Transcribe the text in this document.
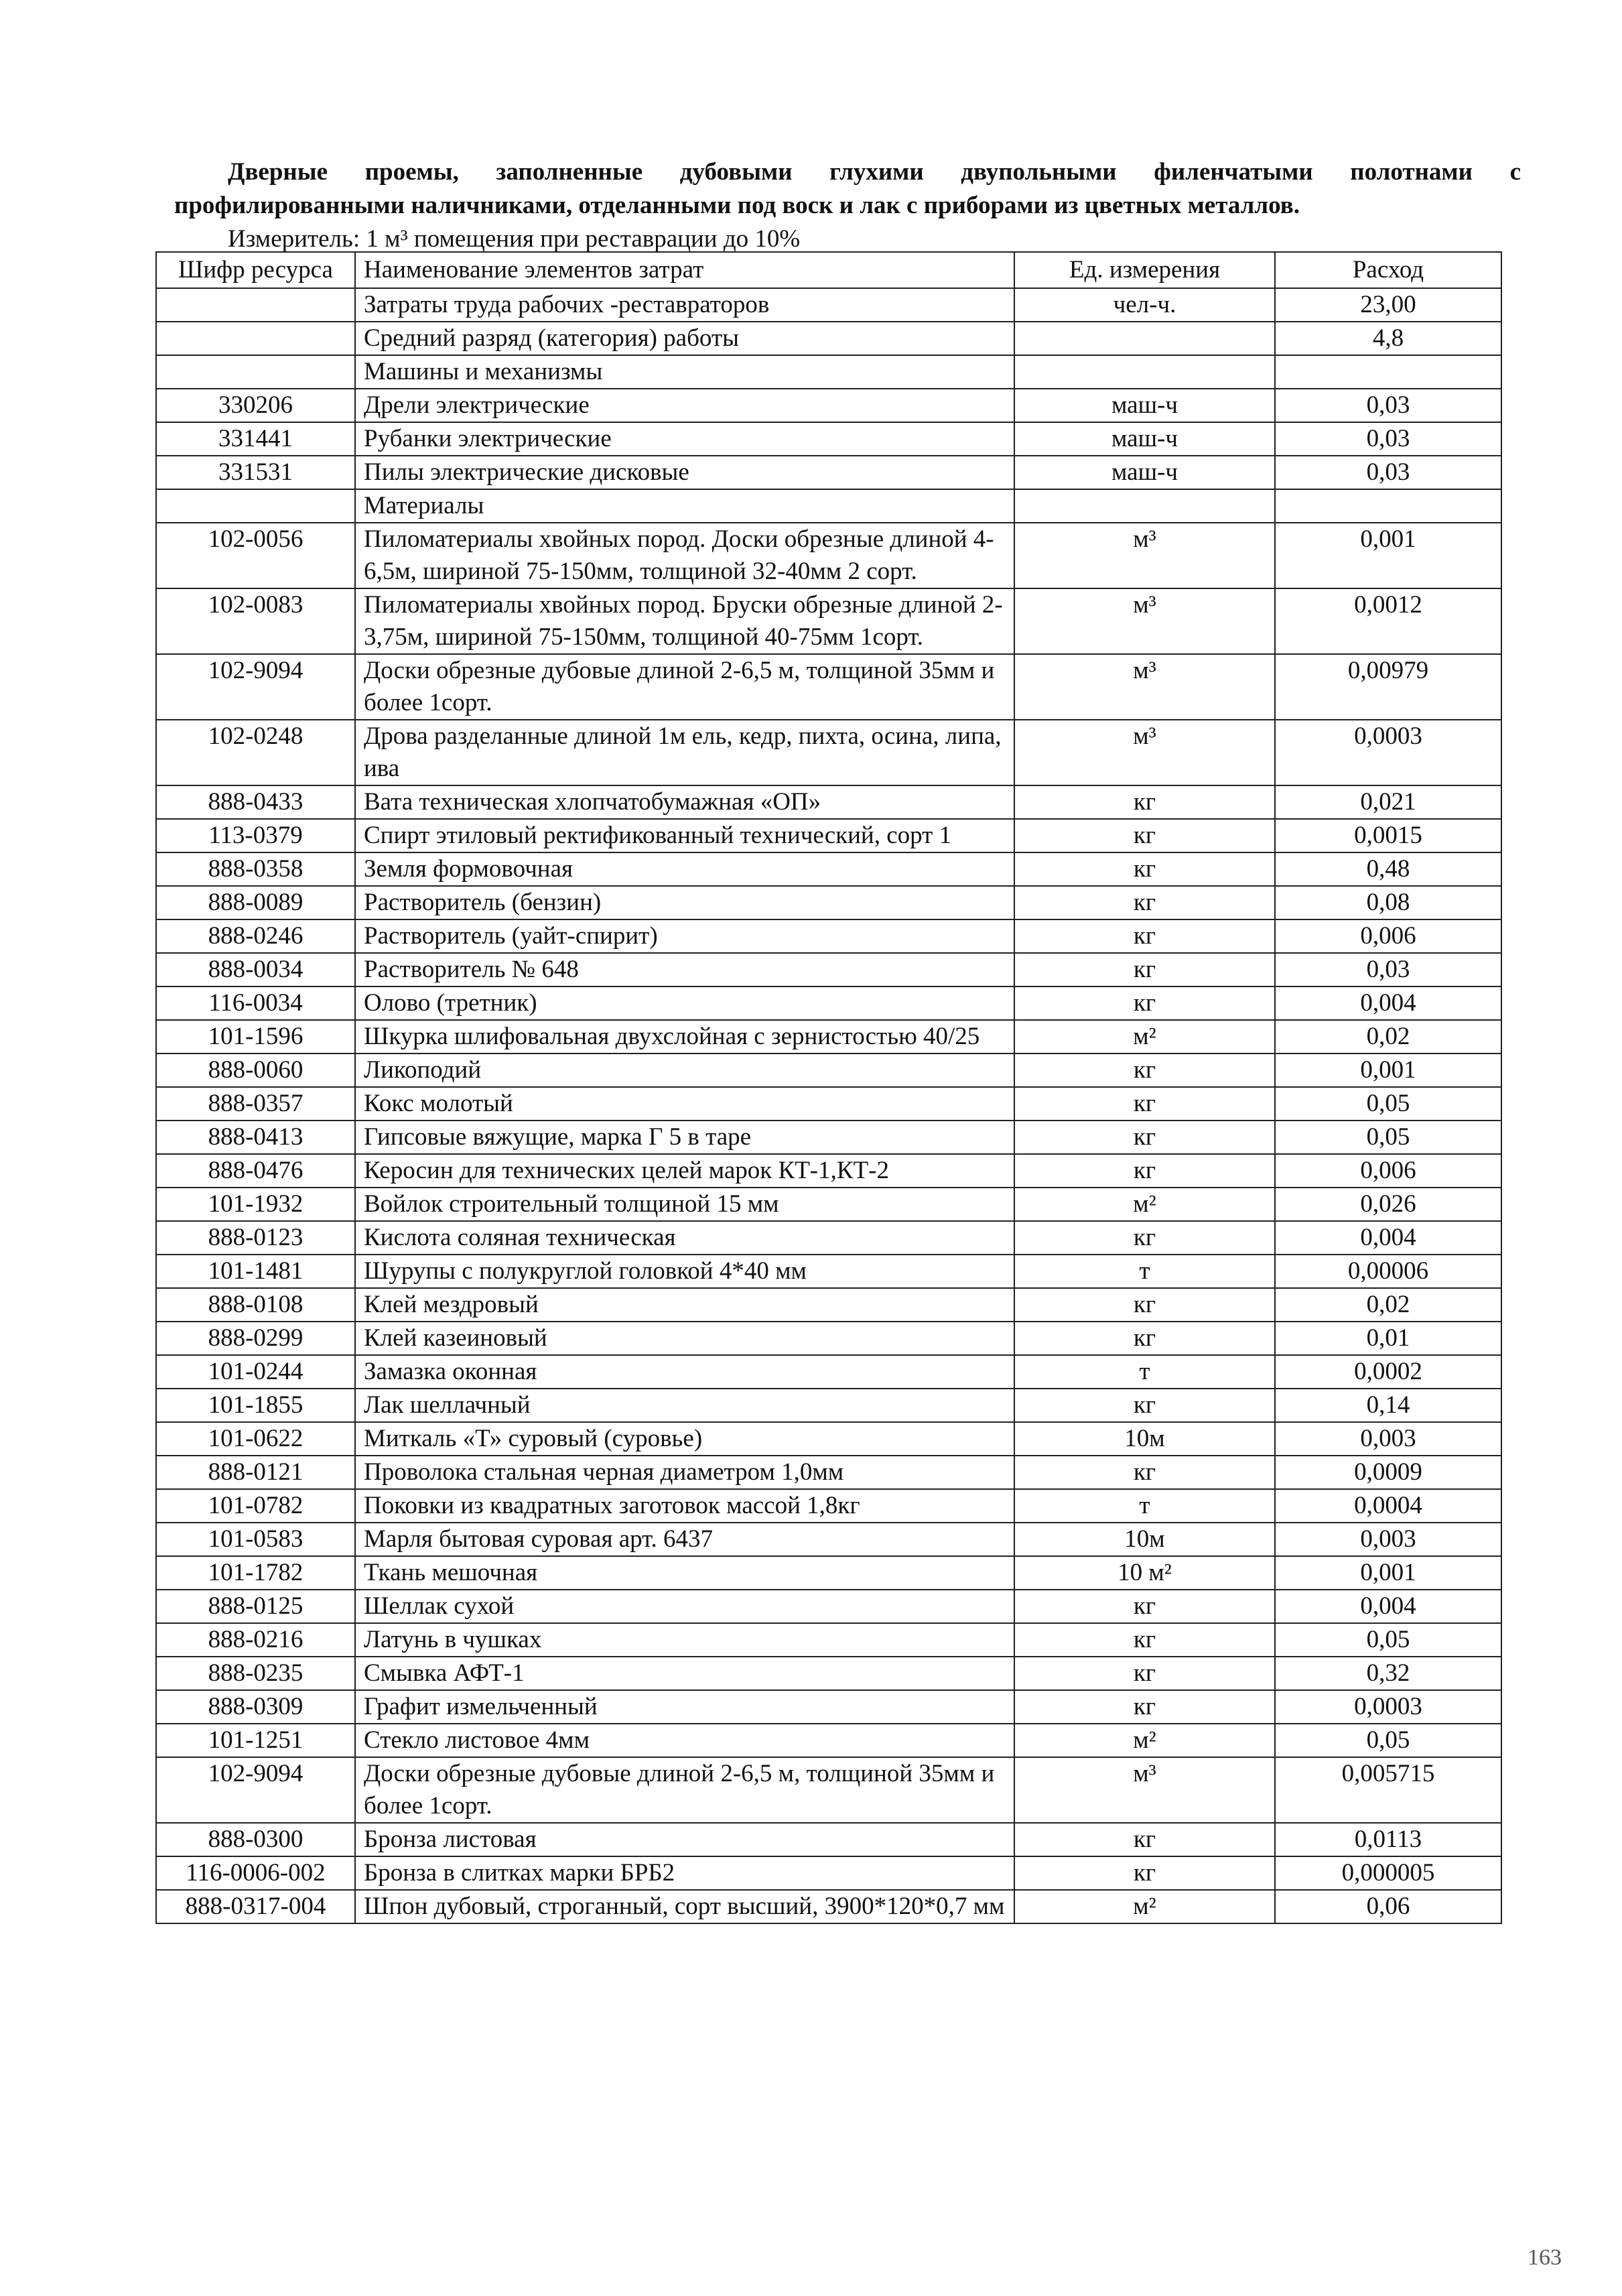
Дверные проемы, заполненные дубовыми глухими двупольными филенчатыми полотнами с
профилированными наличниками, отделанными под воск и лак с приборами из цветных металлов.
Измеритель: 1 м³ помещения при реставрации до 10%
Шифр ресурса	Наименование элементов затрат	Ед. измерения	Расход
	Затраты труда рабочих -реставраторов	чел-ч.	23,00
	Средний разряд (категория) работы		4,8
	Машины и механизмы		
330206	Дрели электрические	маш-ч	0,03
331441	Рубанки электрические	маш-ч	0,03
331531	Пилы электрические дисковые	маш-ч	0,03
	Материалы		
102-0056	Пиломатериалы хвойных пород. Доски обрезные длиной 4-6,5м, шириной 75-150мм, толщиной 32-40мм 2 сорт.	м³	0,001
102-0083	Пиломатериалы хвойных пород. Бруски обрезные длиной 2-3,75м, шириной 75-150мм, толщиной 40-75мм 1сорт.	м³	0,0012
102-9094	Доски обрезные дубовые длиной 2-6,5 м, толщиной 35мм и более 1сорт.	м³	0,00979
102-0248	Дрова разделанные длиной 1м ель, кедр, пихта, осина, липа, ива	м³	0,0003
888-0433	Вата техническая хлопчатобумажная «ОП»	кг	0,021
113-0379	Спирт этиловый ректификованный технический, сорт 1	кг	0,0015
888-0358	Земля формовочная	кг	0,48
888-0089	Растворитель (бензин)	кг	0,08
888-0246	Растворитель (уайт-спирит)	кг	0,006
888-0034	Растворитель № 648	кг	0,03
116-0034	Олово (третник)	кг	0,004
101-1596	Шкурка шлифовальная двухслойная с зернистостью 40/25	м²	0,02
888-0060	Ликоподий	кг	0,001
888-0357	Кокс молотый	кг	0,05
888-0413	Гипсовые вяжущие, марка Г 5 в таре	кг	0,05
888-0476	Керосин для технических целей марок КТ-1,КТ-2	кг	0,006
101-1932	Войлок строительный толщиной 15 мм	м²	0,026
888-0123	Кислота соляная техническая	кг	0,004
101-1481	Шурупы с полукруглой головкой 4*40 мм	т	0,00006
888-0108	Клей мездровый	кг	0,02
888-0299	Клей казеиновый	кг	0,01
101-0244	Замазка оконная	т	0,0002
101-1855	Лак шеллачный	кг	0,14
101-0622	Миткаль «Т» суровый (суровье)	10м	0,003
888-0121	Проволока стальная черная диаметром 1,0мм	кг	0,0009
101-0782	Поковки из квадратных заготовок массой 1,8кг	т	0,0004
101-0583	Марля бытовая суровая арт. 6437	10м	0,003
101-1782	Ткань мешочная	10 м²	0,001
888-0125	Шеллак сухой	кг	0,004
888-0216	Латунь в чушках	кг	0,05
888-0235	Смывка АФТ-1	кг	0,32
888-0309	Графит измельченный	кг	0,0003
101-1251	Стекло листовое 4мм	м²	0,05
102-9094	Доски обрезные дубовые длиной 2-6,5 м, толщиной 35мм и более 1сорт.	м³	0,005715
888-0300	Бронза листовая	кг	0,0113
116-0006-002	Бронза в слитках марки БРБ2	кг	0,000005
888-0317-004	Шпон дубовый, строганный, сорт высший, 3900*120*0,7 мм	м²	0,06
163
